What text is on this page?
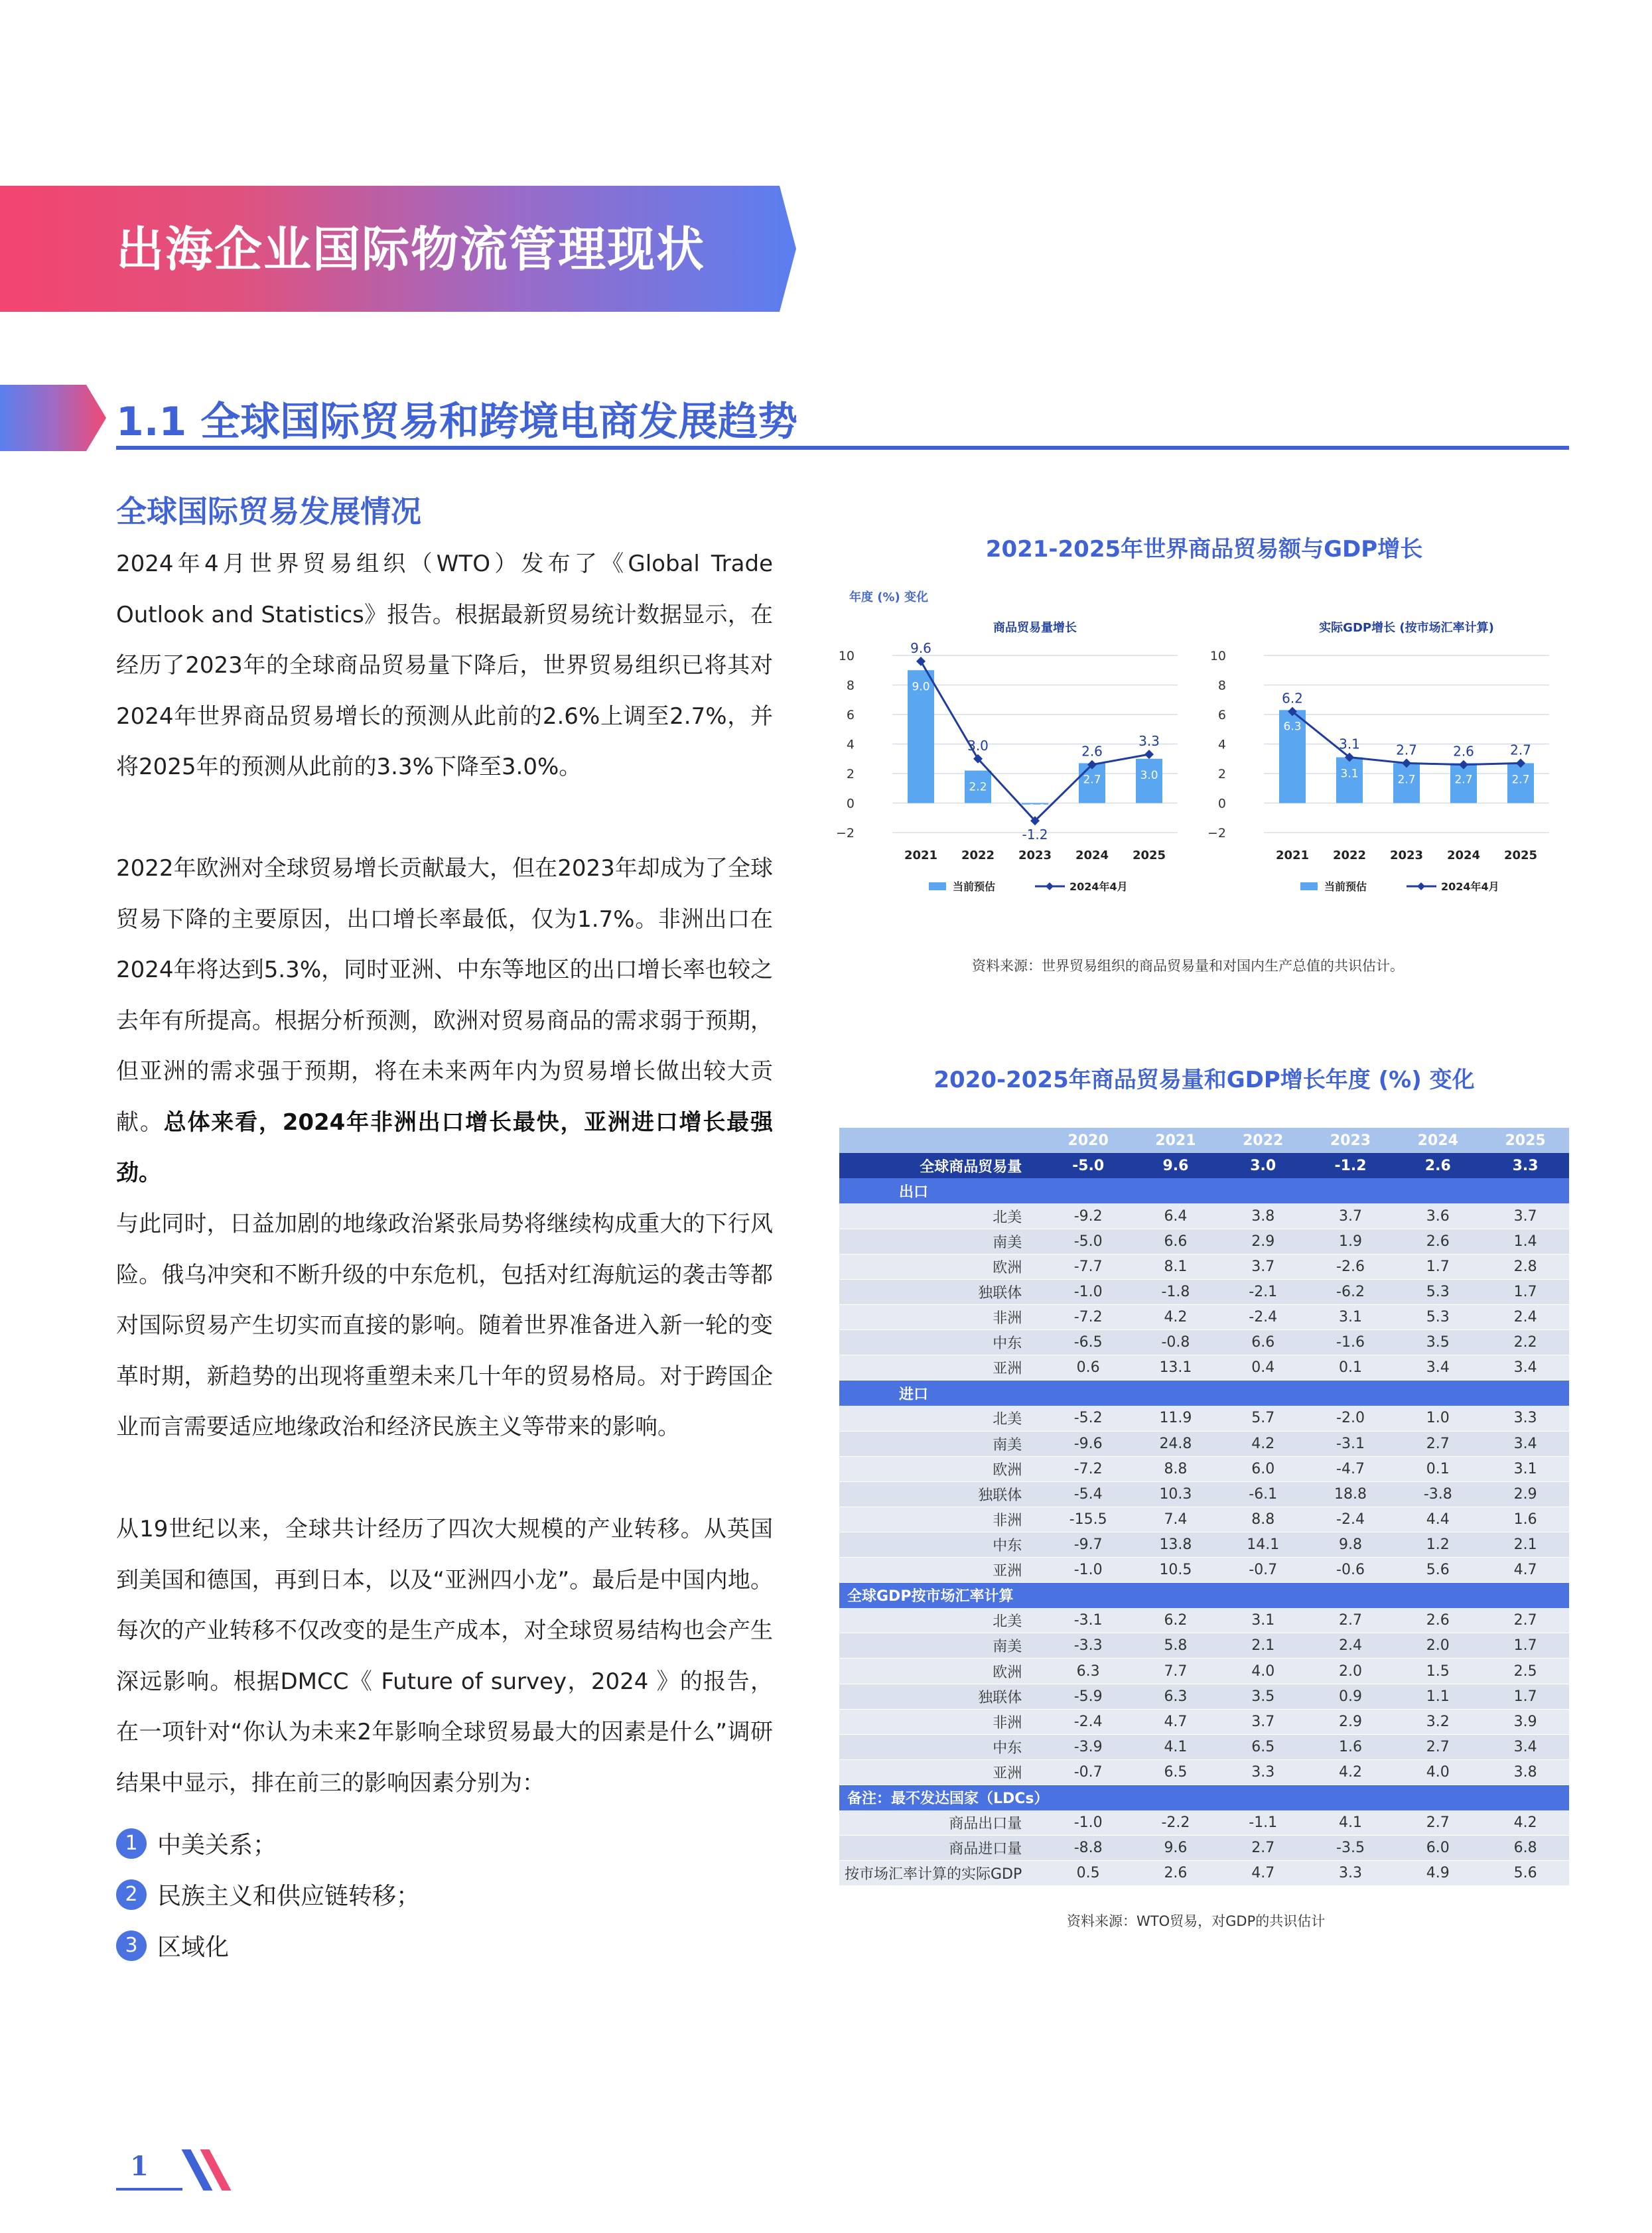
出海企业国际物流管理现状
1.1 全球国际贸易和跨境电商发展趋势
全球国际贸易发展情况
2024年4月世界贸易组织（WTO）发布了《Global Trade Outlook and Statistics》报告。根据最新贸易统计数据显示，在经历了2023年的全球商品贸易量下降后，世界贸易组织已将其对2024年世界商品贸易增长的预测从此前的2.6%上调至2.7%，并将2025年的预测从此前的3.3%下降至3.0%。
2022年欧洲对全球贸易增长贡献最大，但在2023年却成为了全球贸易下降的主要原因，出口增长率最低，仅为1.7%。非洲出口在2024年将达到5.3%，同时亚洲、中东等地区的出口增长率也较之去年有所提高。根据分析预测，欧洲对贸易商品的需求弱于预期，但亚洲的需求强于预期，将在未来两年内为贸易增长做出较大贡献。总体来看，2024年非洲出口增长最快，亚洲进口增长最强劲。
与此同时，日益加剧的地缘政治紧张局势将继续构成重大的下行风险。俄乌冲突和不断升级的中东危机，包括对红海航运的袭击等都对国际贸易产生切实而直接的影响。随着世界准备进入新一轮的变革时期，新趋势的出现将重塑未来几十年的贸易格局。对于跨国企业而言需要适应地缘政治和经济民族主义等带来的影响。
从19世纪以来，全球共计经历了四次大规模的产业转移。从英国到美国和德国，再到日本，以及“亚洲四小龙”。最后是中国内地。每次的产业转移不仅改变的是生产成本，对全球贸易结构也会产生深远影响。根据DMCC《 Future of survey，2024 》的报告，在一项针对“你认为未来2年影响全球贸易最大的因素是什么”调研结果中显示，排在前三的影响因素分别为：
1 中美关系；
2 民族主义和供应链转移；
3 区域化
2021-2025年世界商品贸易额与GDP增长
年度 (%) 变化
商品贸易量增长
10
8
6
4
2
0
−2
9.0
2021
2.2
2022
-0.1
2023
2.7
2024
3.0
2025
9.6
3.0
-1.2
2.6
3.3
当前预估	2024年4月
实际GDP增长 (按市场汇率计算)
10
8
6
4
2
0
−2
6.3
2021
3.1
2022
2.7
2023
2.7
2024
2.7
2025
6.2
3.1	2.7	2.6	2.7
当前预估	2024年4月
资料来源：世界贸易组织的商品贸易量和对国内生产总值的共识估计。
2020-2025年商品贸易量和GDP增长年度 (%) 变化
	2020	2021	2022	2023	2024	2025
全球商品贸易量	-5.0	9.6	3.0	-1.2	2.6	3.3
出口						
北美	-9.2	6.4	3.8	3.7	3.6	3.7
南美	-5.0	6.6	2.9	1.9	2.6	1.4
欧洲	-7.7	8.1	3.7	-2.6	1.7	2.8
独联体	-1.0	-1.8	-2.1	-6.2	5.3	1.7
非洲	-7.2	4.2	-2.4	3.1	5.3	2.4
中东	-6.5	-0.8	6.6	-1.6	3.5	2.2
亚洲	0.6	13.1	0.4	0.1	3.4	3.4
进口						
北美	-5.2	11.9	5.7	-2.0	1.0	3.3
南美	-9.6	24.8	4.2	-3.1	2.7	3.4
欧洲	-7.2	8.8	6.0	-4.7	0.1	3.1
独联体	-5.4	10.3	-6.1	18.8	-3.8	2.9
非洲	-15.5	7.4	8.8	-2.4	4.4	1.6
中东	-9.7	13.8	14.1	9.8	1.2	2.1
亚洲	-1.0	10.5	-0.7	-0.6	5.6	4.7
全球GDP按市场汇率计算						
北美	-3.1	6.2	3.1	2.7	2.6	2.7
南美	-3.3	5.8	2.1	2.4	2.0	1.7
欧洲	6.3	7.7	4.0	2.0	1.5	2.5
独联体	-5.9	6.3	3.5	0.9	1.1	1.7
非洲	-2.4	4.7	3.7	2.9	3.2	3.9
中东	-3.9	4.1	6.5	1.6	2.7	3.4
亚洲	-0.7	6.5	3.3	4.2	4.0	3.8
备注：最不发达国家（LDCs）						
商品出口量	-1.0	-2.2	-1.1	4.1	2.7	4.2
商品进口量	-8.8	9.6	2.7	-3.5	6.0	6.8
按市场汇率计算的实际GDP	0.5	2.6	4.7	3.3	4.9	5.6
资料来源：WTO贸易，对GDP的共识估计
1
